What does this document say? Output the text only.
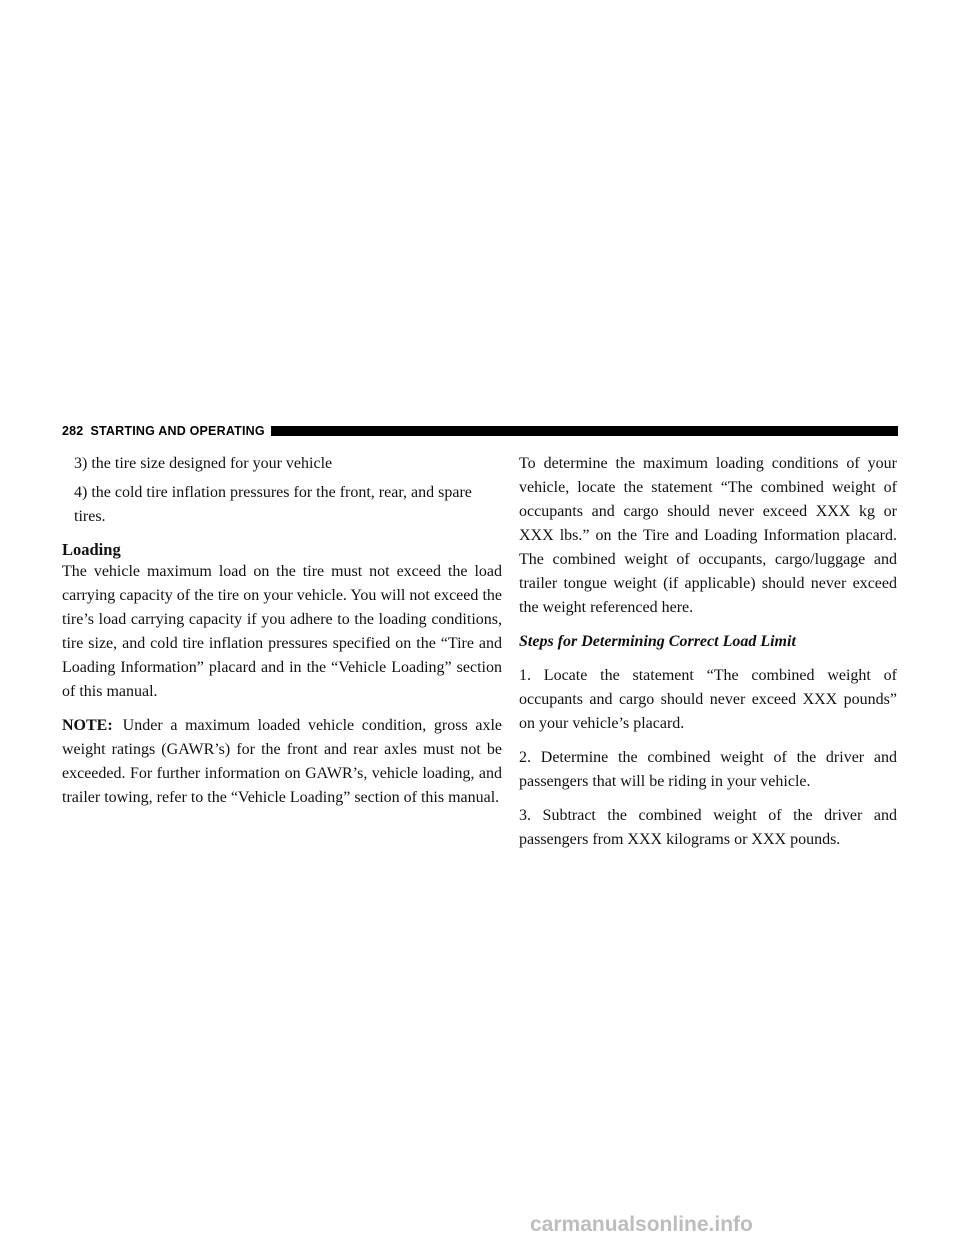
282 STARTING AND OPERATING

3) the tire size designed for your vehicle

4) the cold tire inflation pressures for the front, rear, and spare tires.

Loading

The vehicle maximum load on the tire must not exceed the load carrying capacity of the tire on your vehicle. You will not exceed the tire’s load carrying capacity if you adhere to the loading conditions, tire size, and cold tire inflation pressures specified on the “Tire and Loading Information” placard and in the “Vehicle Loading” section of this manual.

NOTE: Under a maximum loaded vehicle condition, gross axle weight ratings (GAWR’s) for the front and rear axles must not be exceeded. For further information on GAWR’s, vehicle loading, and trailer towing, refer to the “Vehicle Loading” section of this manual.

To determine the maximum loading conditions of your vehicle, locate the statement “The combined weight of occupants and cargo should never exceed XXX kg or XXX lbs.” on the Tire and Loading Information placard. The combined weight of occupants, cargo/luggage and trailer tongue weight (if applicable) should never exceed the weight referenced here.

Steps for Determining Correct Load Limit

1. Locate the statement “The combined weight of occupants and cargo should never exceed XXX pounds” on your vehicle’s placard.

2. Determine the combined weight of the driver and passengers that will be riding in your vehicle.

3. Subtract the combined weight of the driver and passengers from XXX kilograms or XXX pounds.

carmanualsonline.info
